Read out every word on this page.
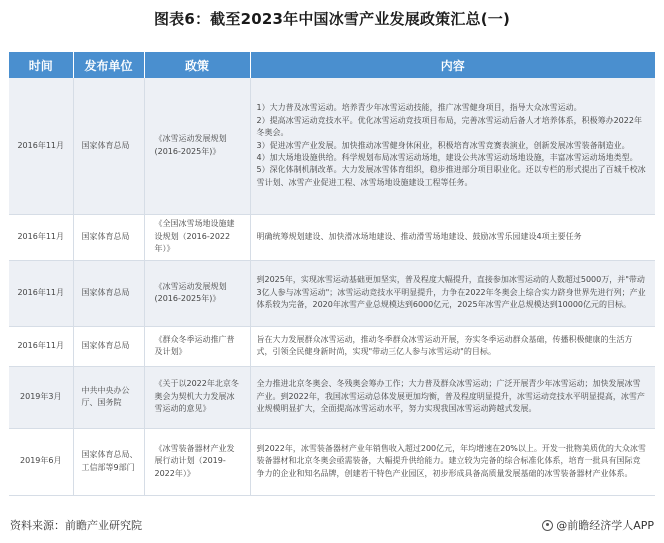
图表6：截至2023年中国冰雪产业发展政策汇总(一)
时间	发布单位	政策	内容
2016年11月	国家体育总局	《冰雪运动发展规划(2016-2025年)》	1）大力普及冰雪运动。培养青少年冰雪运动技能，推广冰雪健身项目，指导大众冰雪运动。
2）提高冰雪运动竞技水平。优化冰雪运动竞技项目布局，完善冰雪运动后备人才培养体系，积极筹办2022年冬奥会。
3）促进冰雪产业发展。加快推动冰雪健身休闲业，积极培育冰雪竞赛表演业，创新发展冰雪装备制造业。
4）加大场地设施供给。科学规划布局冰雪运动场地，建设公共冰雪运动场地设施，丰富冰雪运动场地类型。
5）深化体制机制改革。大力发展冰雪体育组织，稳步推进部分项目职业化。还以专栏的形式提出了百城千校冰雪计划、冰雪产业促进工程、冰雪场地设施建设工程等任务。

2016年11月	国家体育总局	《全国冰雪场地设施建设规划（2016-2022年）》	明确统筹规划建设、加快滑冰场地建设、推动滑雪场地建设、鼓励冰雪乐园建设4项主要任务
2016年11月	国家体育总局	《冰雪运动发展规划(2016-2025年)》	到2025年，实现冰雪运动基础更加坚实，普及程度大幅提升，直接参加冰雪运动的人数超过5000万，并"带动3亿人参与冰雪运动"；冰雪运动竞技水平明显提升，力争在2022年冬奥会上综合实力跻身世界先进行列；产业体系较为完备，2020年冰雪产业总规模达到6000亿元，2025年冰雪产业总规模达到10000亿元的目标。
2016年11月	国家体育总局	《群众冬季运动推广普及计划》	旨在大力发展群众冰雪运动，推动冬季群众冰雪运动开展，夯实冬季运动群众基础，传播积极健康的生活方式，引领全民健身新时尚，实现"带动三亿人参与冰雪运动"的目标。
2019年3月	中共中央办公厅、国务院	《关于以2022年北京冬奥会为契机大力发展冰雪运动的意见》	全力推进北京冬奥会、冬残奥会筹办工作；大力普及群众冰雪运动；广泛开展青少年冰雪运动；加快发展冰雪产业。到2022年，我国冰雪运动总体发展更加均衡，普及程度明显提升，冰雪运动竞技水平明显提高，冰雪产业规模明显扩大，全面提高冰雪运动水平，努力实现我国冰雪运动跨越式发展。
2019年6月	国家体育总局、工信部等9部门	《冰雪装备器材产业发展行动计划（2019-2022年）》	到2022年，冰雪装备器材产业年销售收入超过200亿元，年均增速在20%以上。开发一批物美质优的大众冰雪装备器材和北京冬奥会亟需装备，大幅提升供给能力。建立较为完备的综合标准化体系，培育一批具有国际竞争力的企业和知名品牌，创建若干特色产业园区，初步形成具备高质量发展基础的冰雪装备器材产业体系。
资料来源：前瞻产业研究院	@前瞻经济学人APP
